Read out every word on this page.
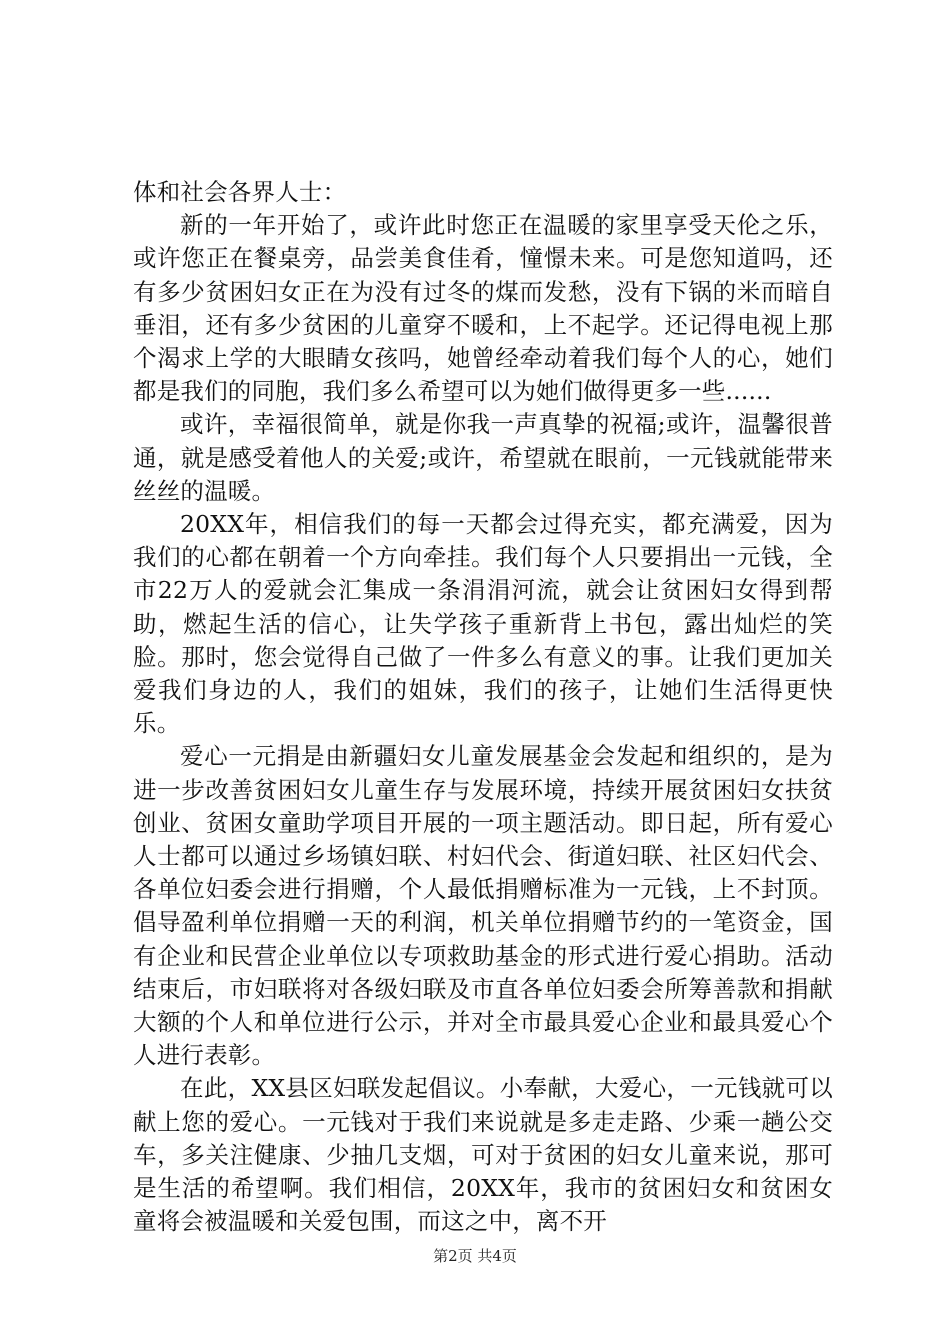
体和社会各界人士：

新的一年开始了，或许此时您正在温暖的家里享受天伦之乐，或许您正在餐桌旁，品尝美食佳肴，憧憬未来。可是您知道吗，还有多少贫困妇女正在为没有过冬的煤而发愁，没有下锅的米而暗自垂泪，还有多少贫困的儿童穿不暖和，上不起学。还记得电视上那个渴求上学的大眼睛女孩吗，她曾经牵动着我们每个人的心，她们都是我们的同胞，我们多么希望可以为她们做得更多一些......

或许，幸福很简单，就是你我一声真挚的祝福;或许，温馨很普通，就是感受着他人的关爱;或许，希望就在眼前，一元钱就能带来丝丝的温暖。

20XX年，相信我们的每一天都会过得充实，都充满爱，因为我们的心都在朝着一个方向牵挂。我们每个人只要捐出一元钱，全市22万人的爱就会汇集成一条涓涓河流，就会让贫困妇女得到帮助，燃起生活的信心，让失学孩子重新背上书包，露出灿烂的笑脸。那时，您会觉得自己做了一件多么有意义的事。让我们更加关爱我们身边的人，我们的姐妹，我们的孩子，让她们生活得更快乐。

爱心一元捐是由新疆妇女儿童发展基金会发起和组织的，是为进一步改善贫困妇女儿童生存与发展环境，持续开展贫困妇女扶贫创业、贫困女童助学项目开展的一项主题活动。即日起，所有爱心人士都可以通过乡场镇妇联、村妇代会、街道妇联、社区妇代会、各单位妇委会进行捐赠，个人最低捐赠标准为一元钱，上不封顶。倡导盈利单位捐赠一天的利润，机关单位捐赠节约的一笔资金，国有企业和民营企业单位以专项救助基金的形式进行爱心捐助。活动结束后，市妇联将对各级妇联及市直各单位妇委会所筹善款和捐献大额的个人和单位进行公示，并对全市最具爱心企业和最具爱心个人进行表彰。

在此，XX县区妇联发起倡议。小奉献，大爱心，一元钱就可以献上您的爱心。一元钱对于我们来说就是多走走路、少乘一趟公交车，多关注健康、少抽几支烟，可对于贫困的妇女儿童来说，那可是生活的希望啊。我们相信，20XX年，我市的贫困妇女和贫困女童将会被温暖和关爱包围，而这之中，离不开

第2页 共4页
